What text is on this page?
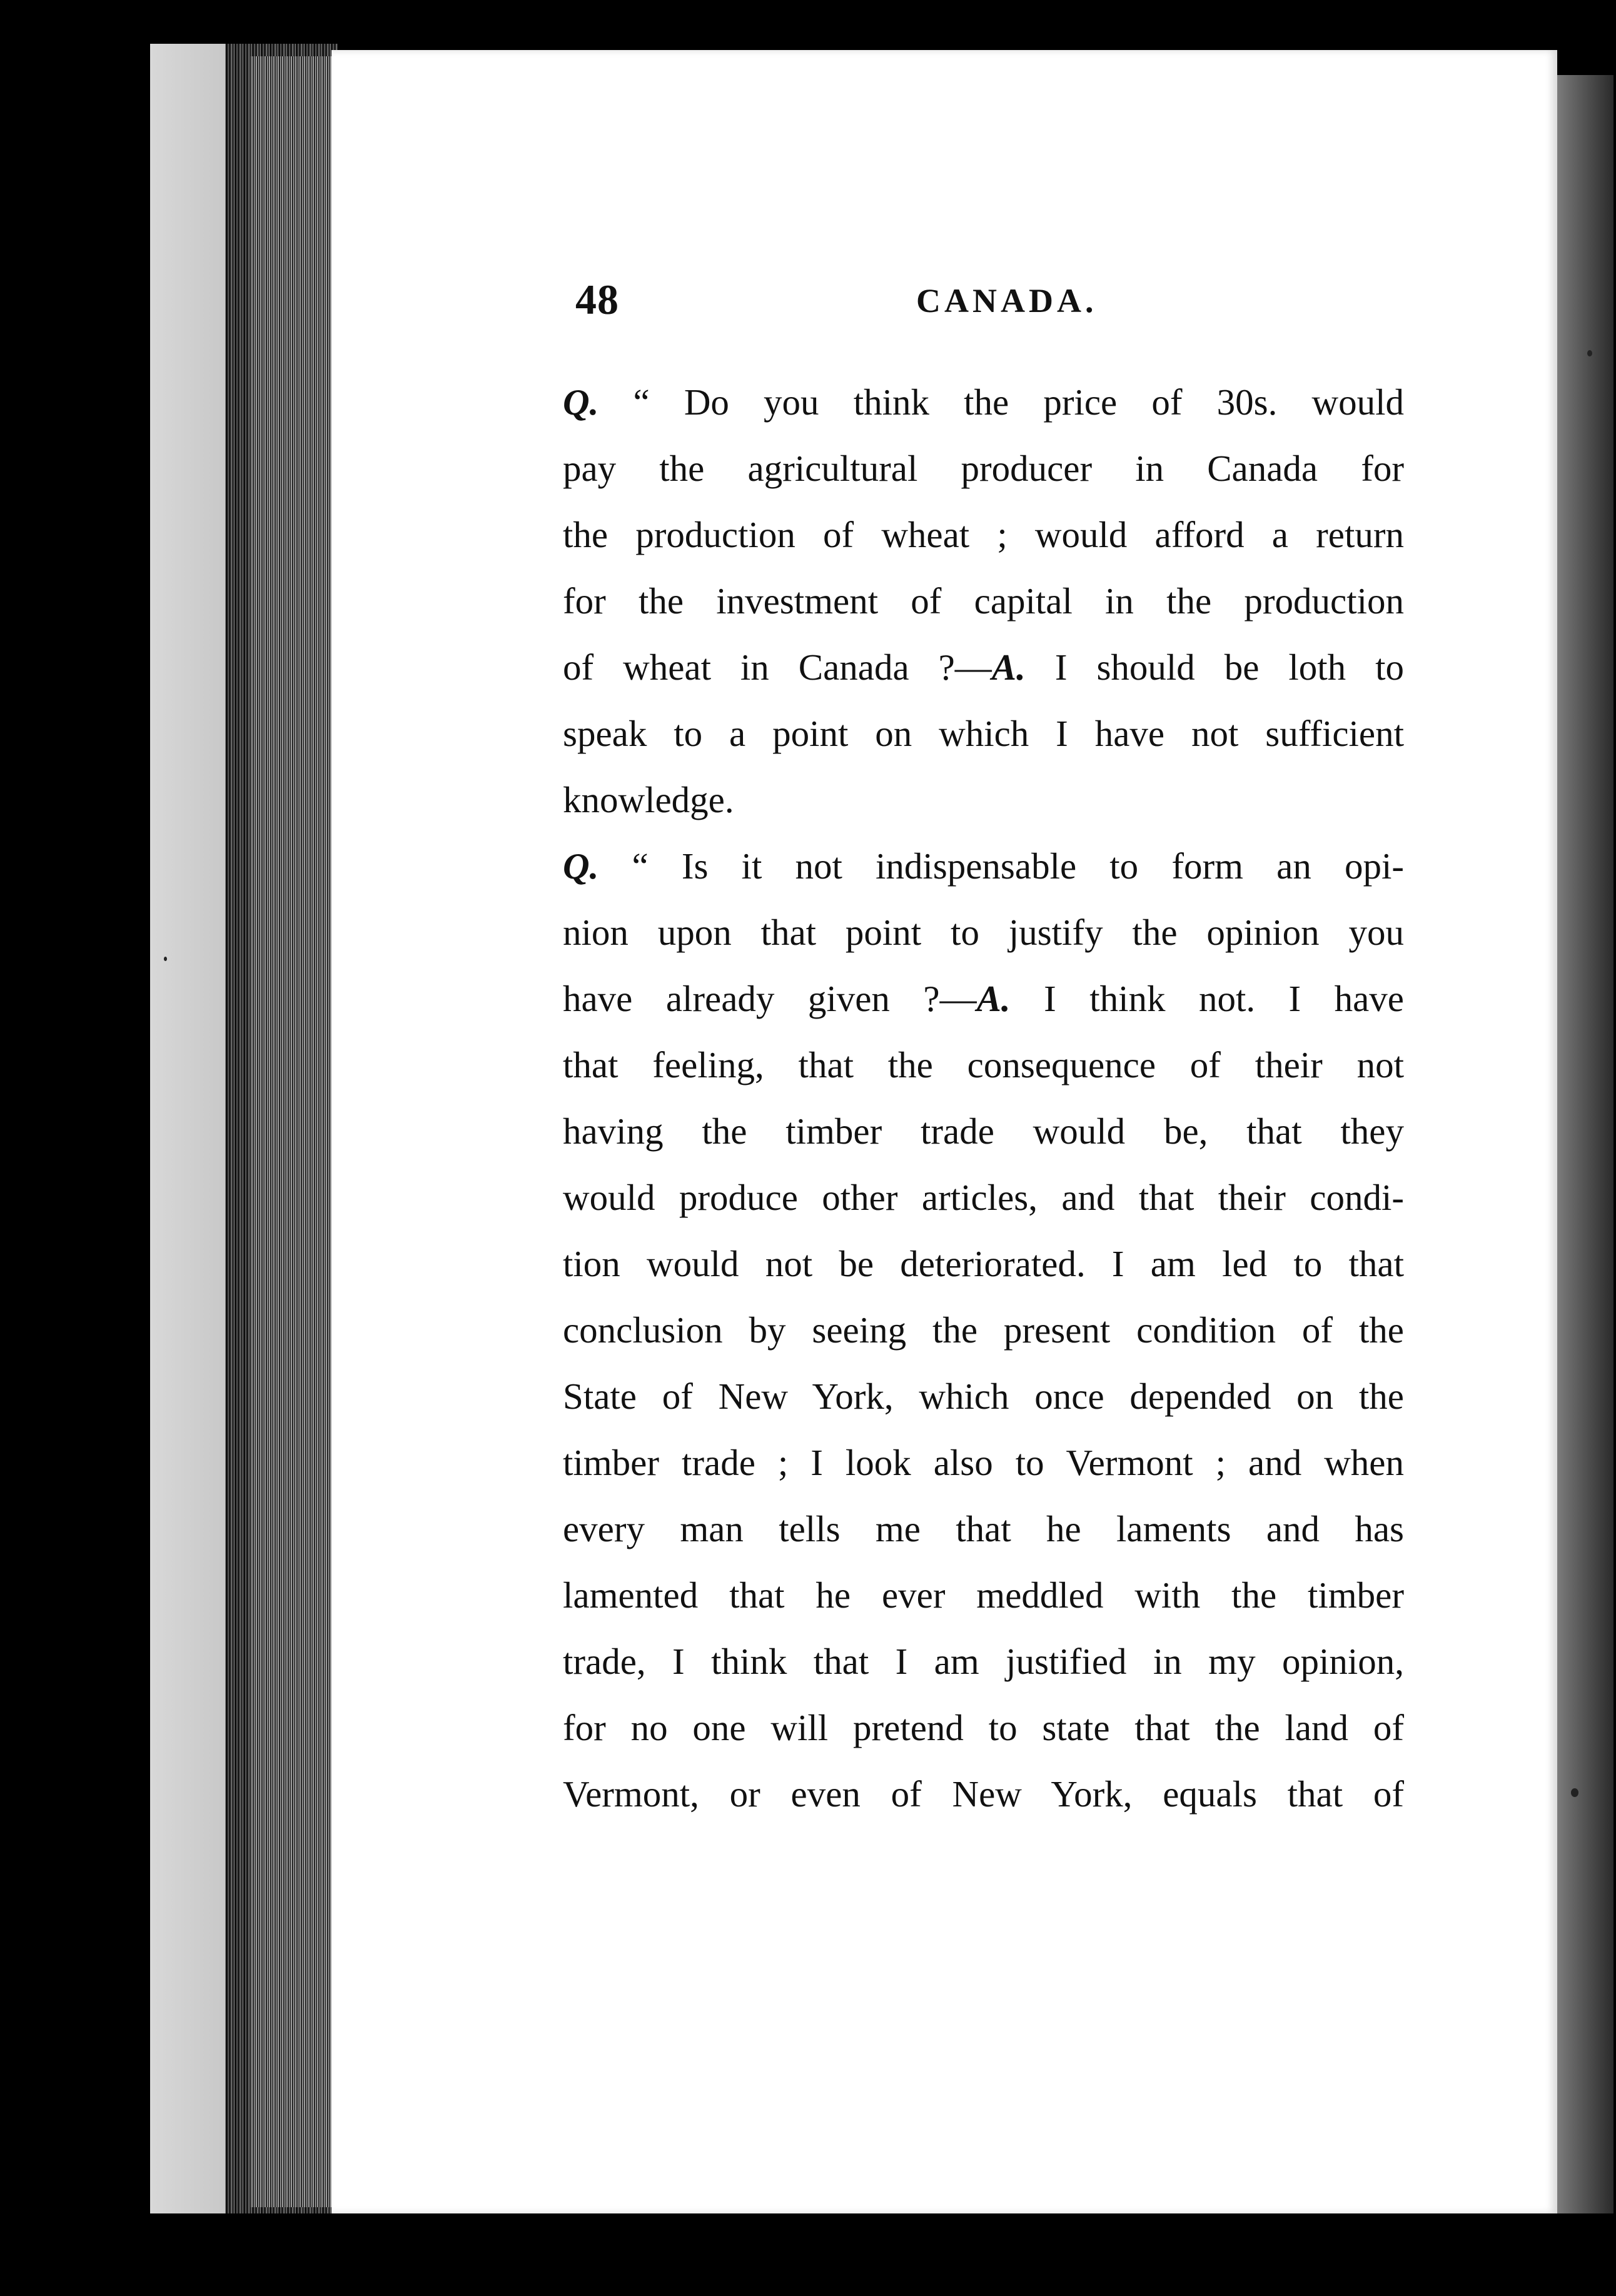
48	CANADA.
Q. “ Do you think the price of 30s. would
pay the agricultural producer in Canada for
the production of wheat ; would afford a return
for the investment of capital in the production
of wheat in Canada ?—A. I should be loth to
speak to a point on which I have not sufficient
knowledge.
Q. “ Is it not indispensable to form an opi-
nion upon that point to justify the opinion you
have already given ?—A. I think not. I have
that feeling, that the consequence of their not
having the timber trade would be, that they
would produce other articles, and that their condi-
tion would not be deteriorated. I am led to that
conclusion by seeing the present condition of the
State of New York, which once depended on the
timber trade ; I look also to Vermont ; and when
every man tells me that he laments and has
lamented that he ever meddled with the timber
trade, I think that I am justified in my opinion,
for no one will pretend to state that the land of
Vermont, or even of New York, equals that of
